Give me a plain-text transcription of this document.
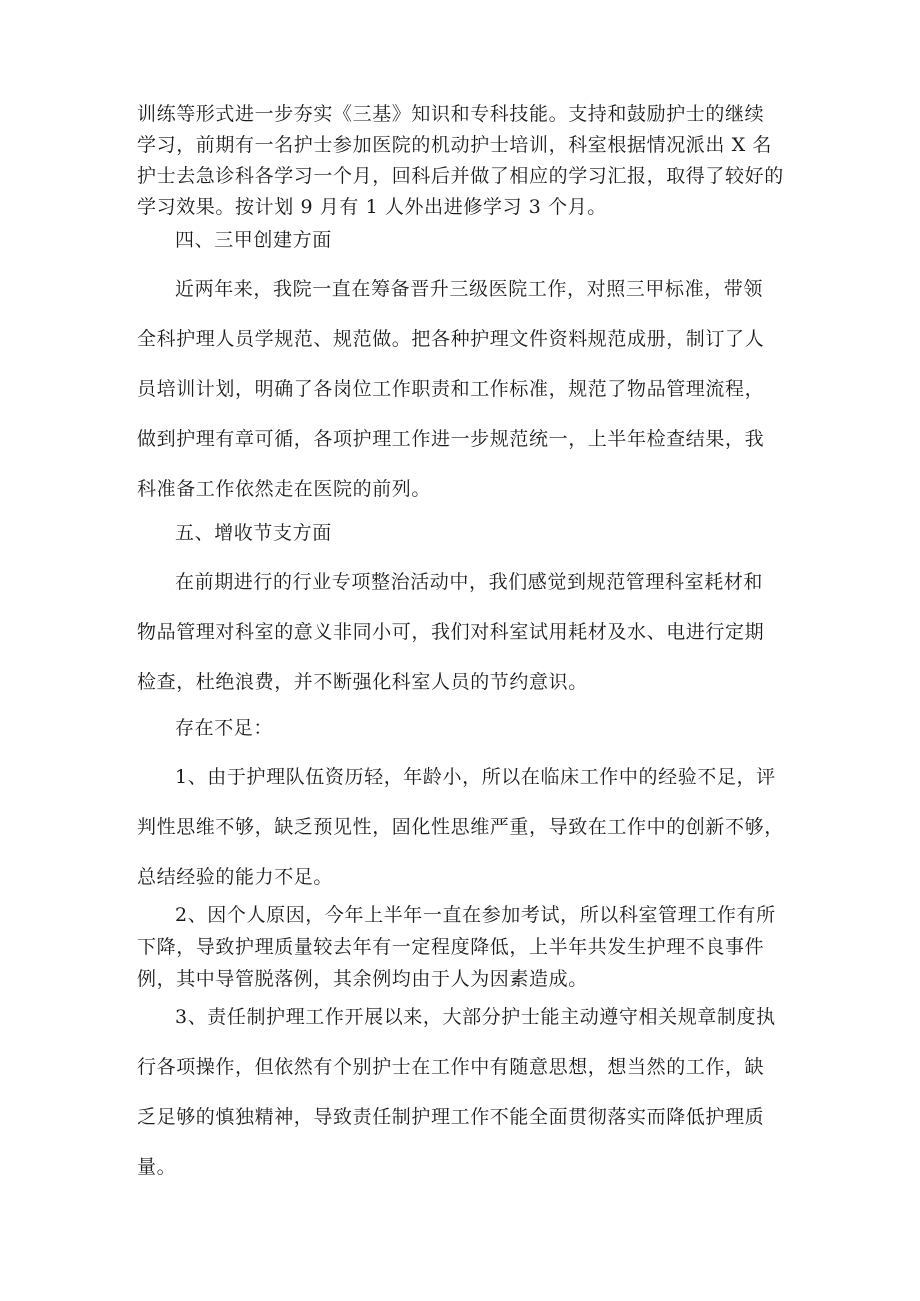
训练等形式进一步夯实《三基》知识和专科技能。支持和鼓励护士的继续
学习，前期有一名护士参加医院的机动护士培训，科室根据情况派出 X 名
护士去急诊科各学习一个月，回科后并做了相应的学习汇报，取得了较好的
学习效果。按计划 9 月有 1 人外出进修学习 3 个月。

四、三甲创建方面

近两年来，我院一直在筹备晋升三级医院工作，对照三甲标准，带领
全科护理人员学规范、规范做。把各种护理文件资料规范成册，制订了人
员培训计划，明确了各岗位工作职责和工作标准，规范了物品管理流程，
做到护理有章可循，各项护理工作进一步规范统一，上半年检查结果，我
科准备工作依然走在医院的前列。

五、增收节支方面

在前期进行的行业专项整治活动中，我们感觉到规范管理科室耗材和
物品管理对科室的意义非同小可，我们对科室试用耗材及水、电进行定期
检查，杜绝浪费，并不断强化科室人员的节约意识。

存在不足：

1、由于护理队伍资历轻，年龄小，所以在临床工作中的经验不足，评
判性思维不够，缺乏预见性，固化性思维严重，导致在工作中的创新不够，
总结经验的能力不足。

2、因个人原因，今年上半年一直在参加考试，所以科室管理工作有所
下降，导致护理质量较去年有一定程度降低，上半年共发生护理不良事件
例，其中导管脱落例，其余例均由于人为因素造成。

3、责任制护理工作开展以来，大部分护士能主动遵守相关规章制度执
行各项操作，但依然有个别护士在工作中有随意思想，想当然的工作，缺
乏足够的慎独精神，导致责任制护理工作不能全面贯彻落实而降低护理质
量。
